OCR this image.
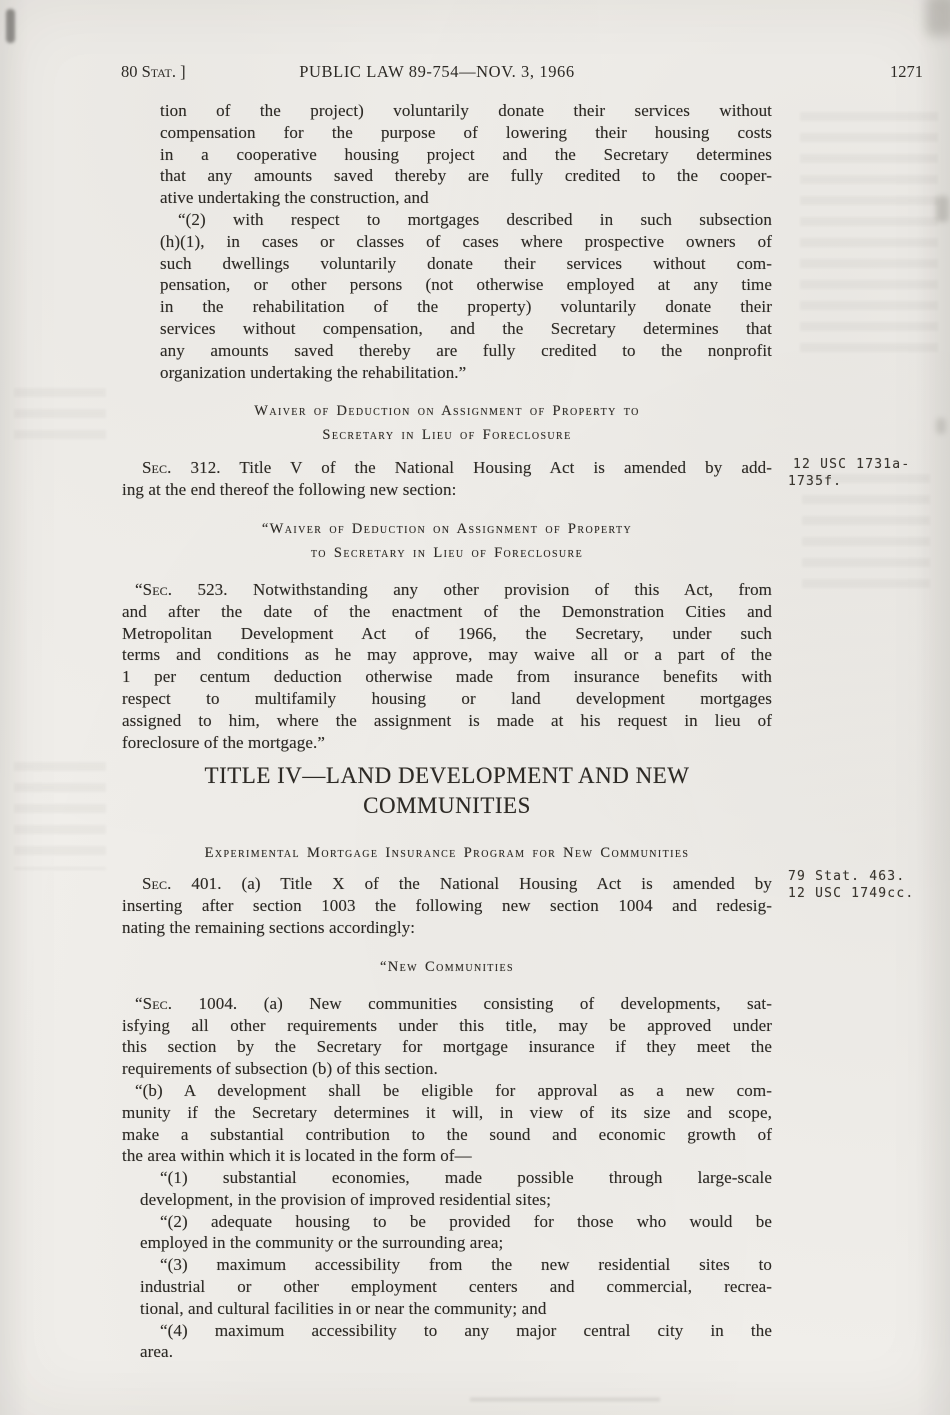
80 Stat. ]	PUBLIC LAW 89-754—NOV. 3, 1966	1271
tion of the project) voluntarily donate their services without
compensation for the purpose of lowering their housing costs
in a cooperative housing project and the Secretary determines
that any amounts saved thereby are fully credited to the cooper-
ative undertaking the construction, and
“(2) with respect to mortgages described in such subsection
(h)(1), in cases or classes of cases where prospective owners of
such dwellings voluntarily donate their services without com-
pensation, or other persons (not otherwise employed at any time
in the rehabilitation of the property) voluntarily donate their
services without compensation, and the Secretary determines that
any amounts saved thereby are fully credited to the nonprofit
organization undertaking the rehabilitation.”
Waiver of Deduction on Assignment of Property to
Secretary in Lieu of Foreclosure
Sec. 312. Title V of the National Housing Act is amended by add-
ing at the end thereof the following new section:
“Waiver of Deduction on Assignment of Property
to Secretary in Lieu of Foreclosure
“Sec. 523. Notwithstanding any other provision of this Act, from
and after the date of the enactment of the Demonstration Cities and
Metropolitan Development Act of 1966, the Secretary, under such
terms and conditions as he may approve, may waive all or a part of the
1 per centum deduction otherwise made from insurance benefits with
respect to multifamily housing or land development mortgages
assigned to him, where the assignment is made at his request in lieu of
foreclosure of the mortgage.”
TITLE IV—LAND DEVELOPMENT AND NEW
COMMUNITIES
Experimental Mortgage Insurance Program for New Communities
Sec. 401. (a) Title X of the National Housing Act is amended by
inserting after section 1003 the following new section 1004 and redesig-
nating the remaining sections accordingly:
“New Communities
“Sec. 1004. (a) New communities consisting of developments, sat-
isfying all other requirements under this title, may be approved under
this section by the Secretary for mortgage insurance if they meet the
requirements of subsection (b) of this section.
“(b) A development shall be eligible for approval as a new com-
munity if the Secretary determines it will, in view of its size and scope,
make a substantial contribution to the sound and economic growth of
the area within which it is located in the form of—
“(1) substantial economies, made possible through large-scale
development, in the provision of improved residential sites;
“(2) adequate housing to be provided for those who would be
employed in the community or the surrounding area;
“(3) maximum accessibility from the new residential sites to
industrial or other employment centers and commercial, recrea-
tional, and cultural facilities in or near the community; and
“(4) maximum accessibility to any major central city in the
area.
12 USC 1731a-
1735f.
79 Stat. 463.
12 USC 1749cc.
